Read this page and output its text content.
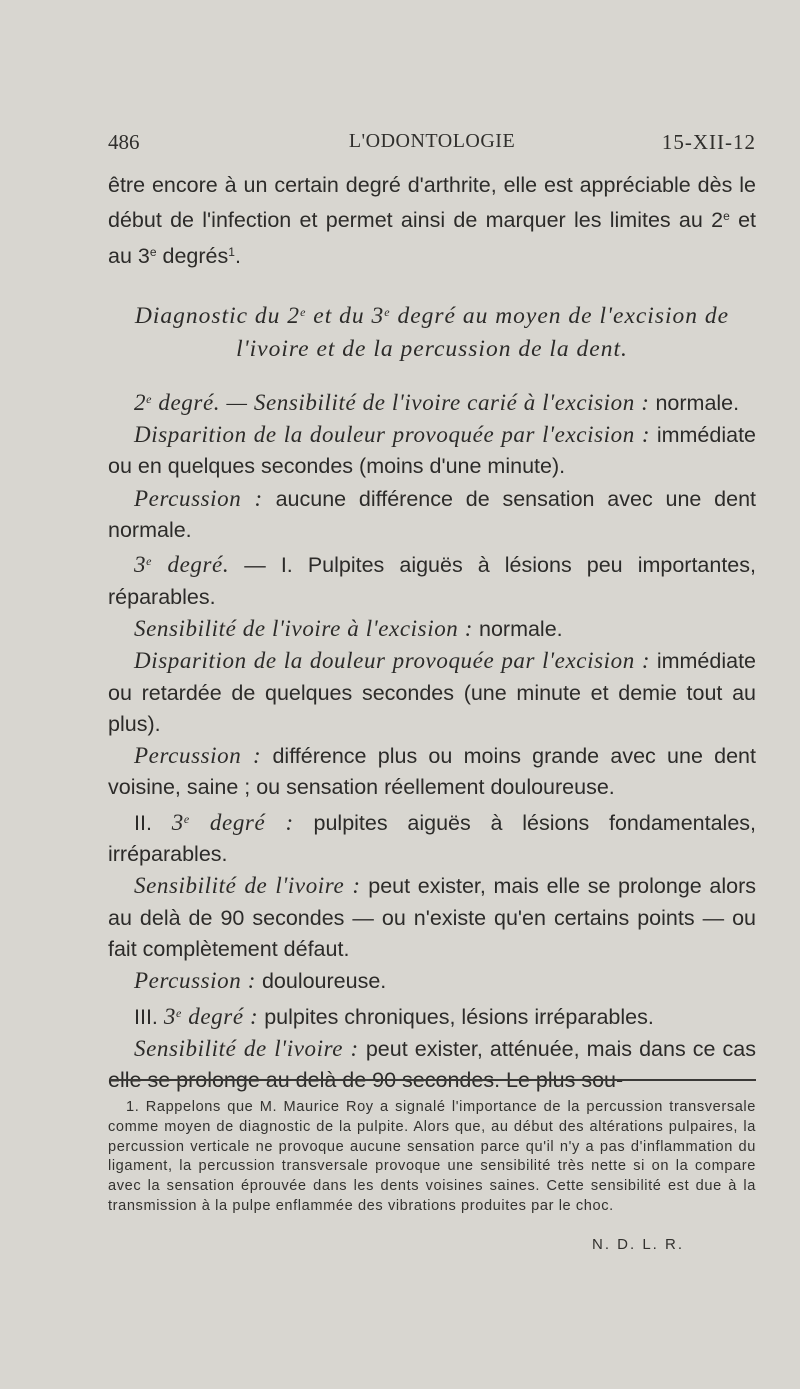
486	L'ODONTOLOGIE	15-XII-12

être encore à un certain degré d'arthrite, elle est appréciable dès le début de l'infection et permet ainsi de marquer les limites au 2e et au 3e degrés$^1$.

Diagnostic du 2e et du 3e degré au moyen de l'excision de l'ivoire et de la percussion de la dent.

2e degré. — Sensibilité de l'ivoire carié à l'excision : normale.

Disparition de la douleur provoquée par l'excision : immédiate ou en quelques secondes (moins d'une minute).

Percussion : aucune différence de sensation avec une dent normale.

3e degré. — I. Pulpites aiguës à lésions peu importantes, réparables.

Sensibilité de l'ivoire à l'excision : normale.

Disparition de la douleur provoquée par l'excision : immédiate ou retardée de quelques secondes (une minute et demie tout au plus).

Percussion : différence plus ou moins grande avec une dent voisine, saine ; ou sensation réellement douloureuse.

II. 3e degré : pulpites aiguës à lésions fondamentales, irréparables.

Sensibilité de l'ivoire : peut exister, mais elle se prolonge alors au delà de 90 secondes — ou n'existe qu'en certains points — ou fait complètement défaut.

Percussion : douloureuse.

III. 3e degré : pulpites chroniques, lésions irréparables.

Sensibilité de l'ivoire : peut exister, atténuée, mais dans ce cas elle se prolonge au delà de 90 secondes. Le plus sou-

1. Rappelons que M. Maurice Roy a signalé l'importance de la percussion transversale comme moyen de diagnostic de la pulpite. Alors que, au début des altérations pulpaires, la percussion verticale ne provoque aucune sensation parce qu'il n'y a pas d'inflammation du ligament, la percussion transversale provoque une sensibilité très nette si on la compare avec la sensation éprouvée dans les dents voisines saines. Cette sensibilité est due à la transmission à la pulpe enflammée des vibrations produites par le choc.
N. D. L. R.
